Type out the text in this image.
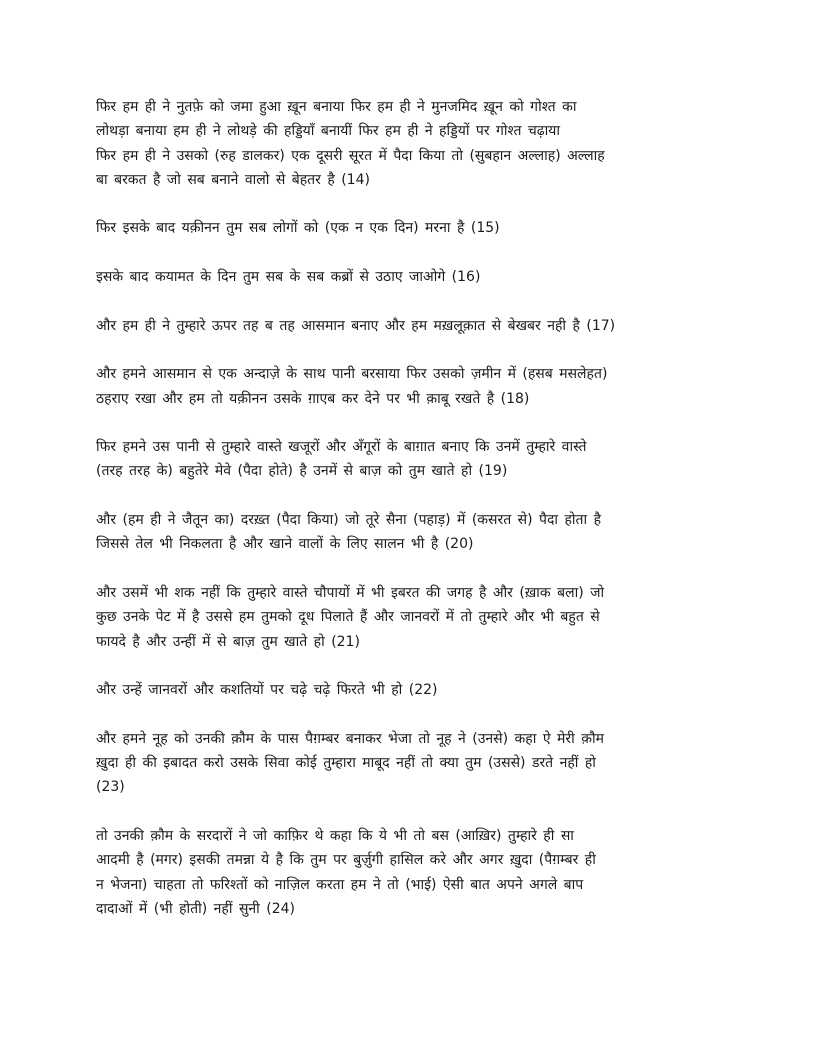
फिर हम ही ने नुतफ़े को जमा हुआ ख़ून बनाया फिर हम ही ने मुनजमिद ख़ून को गोश्त का
लोथड़ा बनाया हम ही ने लोथड़े की हड्डियाँ बनायीं फिर हम ही ने हड्डियों पर गोश्त चढ़ाया
फिर हम ही ने उसको (रुह डालकर) एक दूसरी सूरत में पैदा किया तो (सुबहान अल्लाह) अल्लाह
बा बरकत है जो सब बनाने वालो से बेहतर है (14)

फिर इसके बाद यक़ीनन तुम सब लोगों को (एक न एक दिन) मरना है (15)

इसके बाद कयामत के दिन तुम सब के सब कब्रों से उठाए जाओगे (16)

और हम ही ने तुम्हारे ऊपर तह ब तह आसमान बनाए और हम मख़लूक़ात से बेखबर नही है (17)

और हमने आसमान से एक अन्दाज़े के साथ पानी बरसाया फिर उसको ज़मीन में (हसब मसलेहत)
ठहराए रखा और हम तो यक़ीनन उसके ग़ाएब कर देने पर भी क़ाबू रखते है (18)

फिर हमने उस पानी से तुम्हारे वास्ते खजूरों और अँगूरों के बाग़ात बनाए कि उनमें तुम्हारे वास्ते
(तरह तरह के) बहुतेरे मेवे (पैदा होते) है उनमें से बाज़ को तुम खाते हो (19)

और (हम ही ने जैतून का) दरख़्त (पैदा किया) जो तूरे सैना (पहाड़) में (कसरत से) पैदा होता है
जिससे तेल भी निकलता है और खाने वालों के लिए सालन भी है (20)

और उसमें भी शक नहीं कि तुम्हारे वास्ते चौपायों में भी इबरत की जगह है और (ख़ाक बला) जो
कुछ उनके पेट में है उससे हम तुमको दूध पिलाते हैं और जानवरों में तो तुम्हारे और भी बहुत से
फायदे है और उन्हीं में से बाज़ तुम खाते हो (21)

और उन्हें जानवरों और कशतियों पर चढ़े चढ़े फिरते भी हो (22)

और हमने नूह को उनकी क़ौम के पास पैग़म्बर बनाकर भेजा तो नूह ने (उनसे) कहा ऐ मेरी क़ौम
ख़ुदा ही की इबादत करो उसके सिवा कोई तुम्हारा माबूद नहीं तो क्या तुम (उससे) डरते नहीं हो
(23)

तो उनकी क़ौम के सरदारों ने जो काफ़िर थे कहा कि ये भी तो बस (आख़िर) तुम्हारे ही सा
आदमी है (मगर) इसकी तमन्ना ये है कि तुम पर बुर्ज़ुगी हासिल करे और अगर ख़ुदा (पैग़म्बर ही
न भेजना) चाहता तो फरिश्तों को नाज़िल करता हम ने तो (भाई) ऐसी बात अपने अगले बाप
दादाओं में (भी होती) नहीं सुनी (24)
